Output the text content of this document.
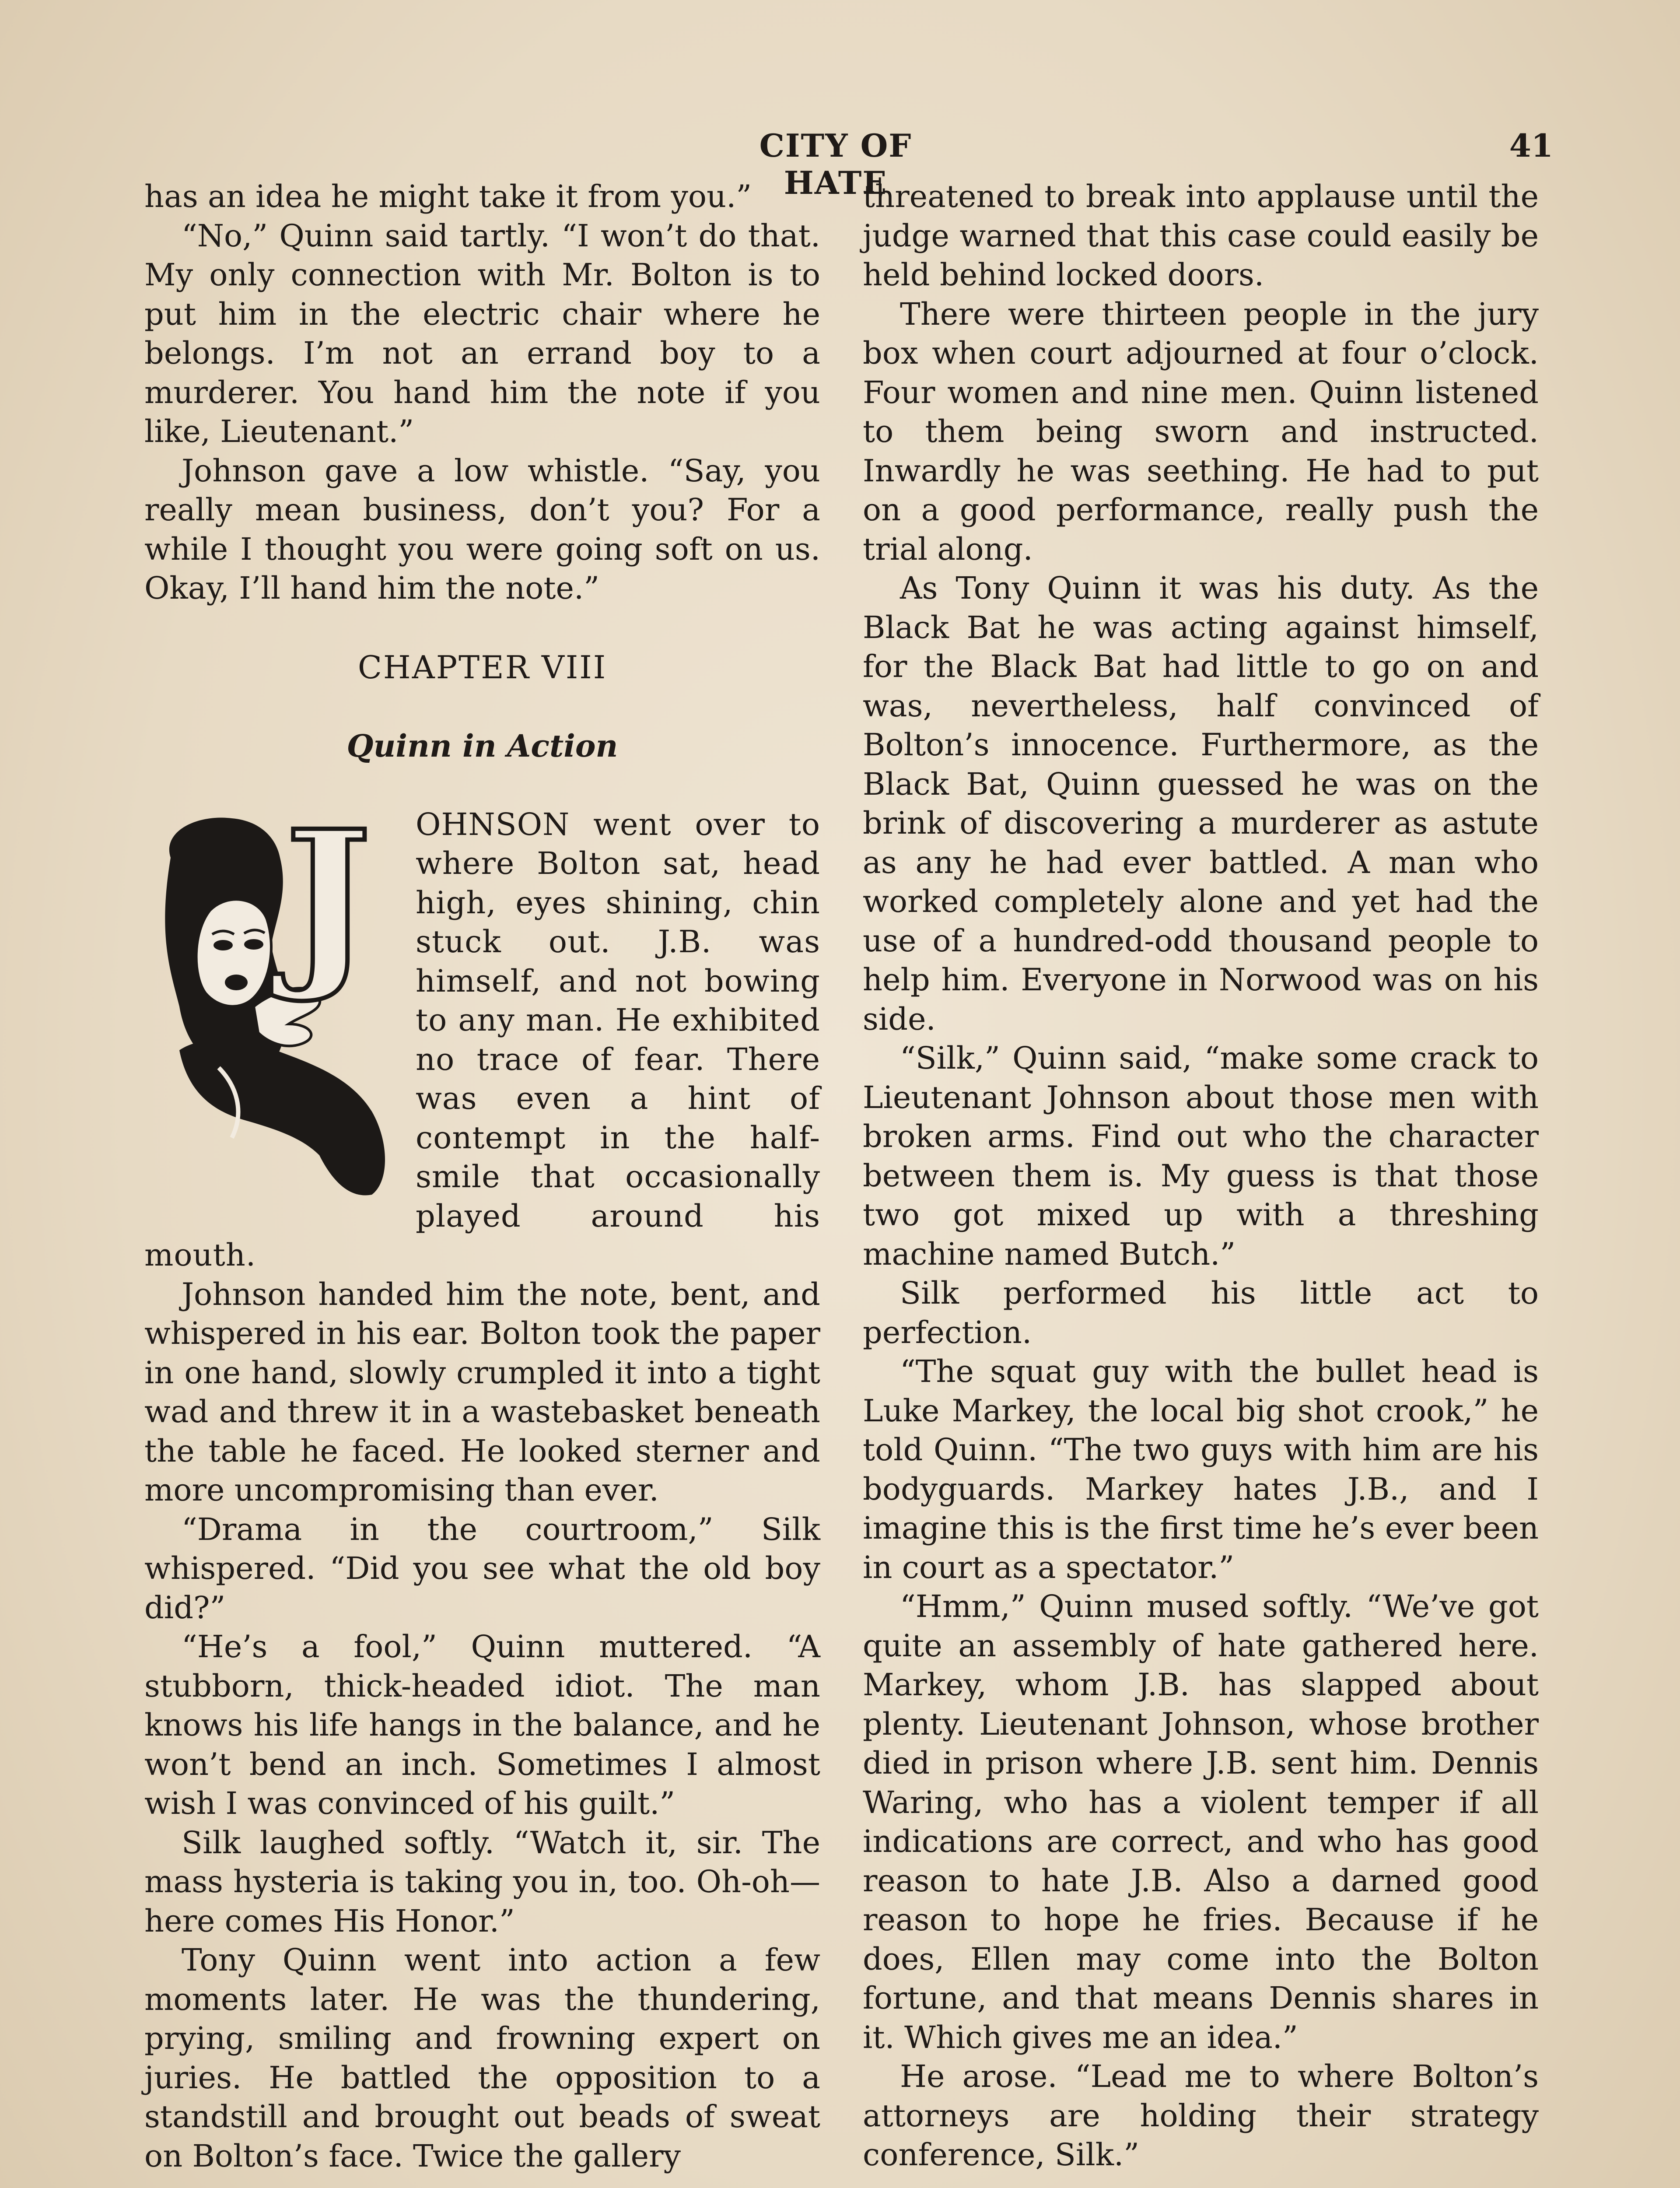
CITY OF HATE
41

has an idea he might take it from you.”

“No,” Quinn said tartly. “I won’t do that. My only connection with Mr. Bolton is to put him in the electric chair where he belongs. I’m not an errand boy to a murderer. You hand him the note if you like, Lieutenant.”

Johnson gave a low whistle. “Say, you really mean business, don’t you? For a while I thought you were going soft on us. Okay, I’ll hand him the note.”

CHAPTER VIII
Quinn in Action
J	OHNSON went over to where Bolton sat, head high, eyes shining, chin stuck out. J.B. was himself, and not bowing to any man. He exhibited no trace of fear. There was even a hint of contempt in the half-smile that occasionally played around his mouth.

Johnson handed him the note, bent, and whispered in his ear. Bolton took the paper in one hand, slowly crumpled it into a tight wad and threw it in a wastebasket beneath the table he faced. He looked sterner and more uncompromising than ever.

“Drama in the courtroom,” Silk whispered. “Did you see what the old boy did?”

“He’s a fool,” Quinn muttered. “A stubborn, thick-headed idiot. The man knows his life hangs in the balance, and he won’t bend an inch. Sometimes I almost wish I was convinced of his guilt.”

Silk laughed softly. “Watch it, sir. The mass hysteria is taking you in, too. Oh-oh—here comes His Honor.”

Tony Quinn went into action a few moments later. He was the thundering, prying, smiling and frowning expert on juries. He battled the opposition to a standstill and brought out beads of sweat on Bolton’s face. Twice the gallery

threatened to break into applause until the judge warned that this case could easily be held behind locked doors.

There were thirteen people in the jury box when court adjourned at four o’clock. Four women and nine men. Quinn listened to them being sworn and instructed. Inwardly he was seething. He had to put on a good performance, really push the trial along.

As Tony Quinn it was his duty. As the Black Bat he was acting against himself, for the Black Bat had little to go on and was, nevertheless, half convinced of Bolton’s innocence. Furthermore, as the Black Bat, Quinn guessed he was on the brink of discovering a murderer as astute as any he had ever battled. A man who worked completely alone and yet had the use of a hundred-odd thousand people to help him. Everyone in Norwood was on his side.

“Silk,” Quinn said, “make some crack to Lieutenant Johnson about those men with broken arms. Find out who the character between them is. My guess is that those two got mixed up with a threshing machine named Butch.”

Silk performed his little act to perfection.

“The squat guy with the bullet head is Luke Markey, the local big shot crook,” he told Quinn. “The two guys with him are his bodyguards. Markey hates J.B., and I imagine this is the first time he’s ever been in court as a spectator.”

“Hmm,” Quinn mused softly. “We’ve got quite an assembly of hate gathered here. Markey, whom J.B. has slapped about plenty. Lieutenant Johnson, whose brother died in prison where J.B. sent him. Dennis Waring, who has a violent temper if all indications are correct, and who has good reason to hate J.B. Also a darned good reason to hope he fries. Because if he does, Ellen may come into the Bolton fortune, and that means Dennis shares in it. Which gives me an idea.”

He arose. “Lead me to where Bolton’s attorneys are holding their strategy conference, Silk.”
